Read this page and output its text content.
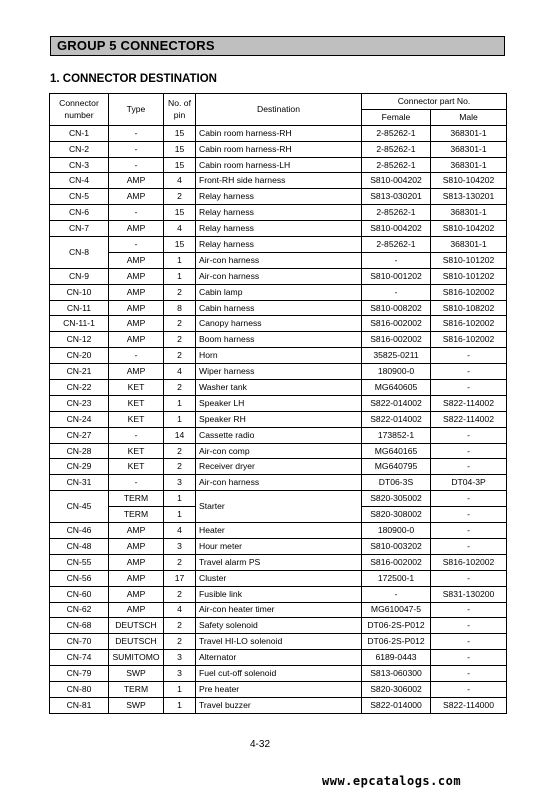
GROUP 5 CONNECTORS
1. CONNECTOR DESTINATION
Connector number	Type	No. of pin	Destination	Connector part No.	
				Female	Male
CN-1	-	15	Cabin room harness-RH	2-85262-1	368301-1
CN-2	-	15	Cabin room harness-RH	2-85262-1	368301-1
CN-3	-	15	Cabin room harness-LH	2-85262-1	368301-1
CN-4	AMP	4	Front-RH side harness	S810-004202	S810-104202
CN-5	AMP	2	Relay harness	S813-030201	S813-130201
CN-6	-	15	Relay harness	2-85262-1	368301-1
CN-7	AMP	4	Relay harness	S810-004202	S810-104202
CN-8	-	15	Relay harness	2-85262-1	368301-1
	AMP	1	Air-con harness	-	S810-101202
CN-9	AMP	1	Air-con harness	S810-001202	S810-101202
CN-10	AMP	2	Cabin lamp	-	S816-102002
CN-11	AMP	8	Cabin harness	S810-008202	S810-108202
CN-11-1	AMP	2	Canopy harness	S816-002002	S816-102002
CN-12	AMP	2	Boom harness	S816-002002	S816-102002
CN-20	-	2	Horn	35825-0211	-
CN-21	AMP	4	Wiper harness	180900-0	-
CN-22	KET	2	Washer tank	MG640605	-
CN-23	KET	1	Speaker LH	S822-014002	S822-114002
CN-24	KET	1	Speaker RH	S822-014002	S822-114002
CN-27	-	14	Cassette radio	173852-1	-
CN-28	KET	2	Air-con comp	MG640165	-
CN-29	KET	2	Receiver dryer	MG640795	-
CN-31	-	3	Air-con harness	DT06-3S	DT04-3P
CN-45	TERM	1	Starter	S820-305002	-
	TERM	1		S820-308002	-
CN-46	AMP	4	Heater	180900-0	-
CN-48	AMP	3	Hour meter	S810-003202	-
CN-55	AMP	2	Travel alarm PS	S816-002002	S816-102002
CN-56	AMP	17	Cluster	172500-1	-
CN-60	AMP	2	Fusible link	-	S831-130200
CN-62	AMP	4	Air-con heater timer	MG610047-5	-
CN-68	DEUTSCH	2	Safety solenoid	DT06-2S-P012	-
CN-70	DEUTSCH	2	Travel HI-LO solenoid	DT06-2S-P012	-
CN-74	SUMITOMO	3	Alternator	6189-0443	-
CN-79	SWP	3	Fuel cut-off solenoid	S813-060300	-
CN-80	TERM	1	Pre heater	S820-306002	-
CN-81	SWP	1	Travel buzzer	S822-014000	S822-114000
4-32
www.epcatalogs.com
